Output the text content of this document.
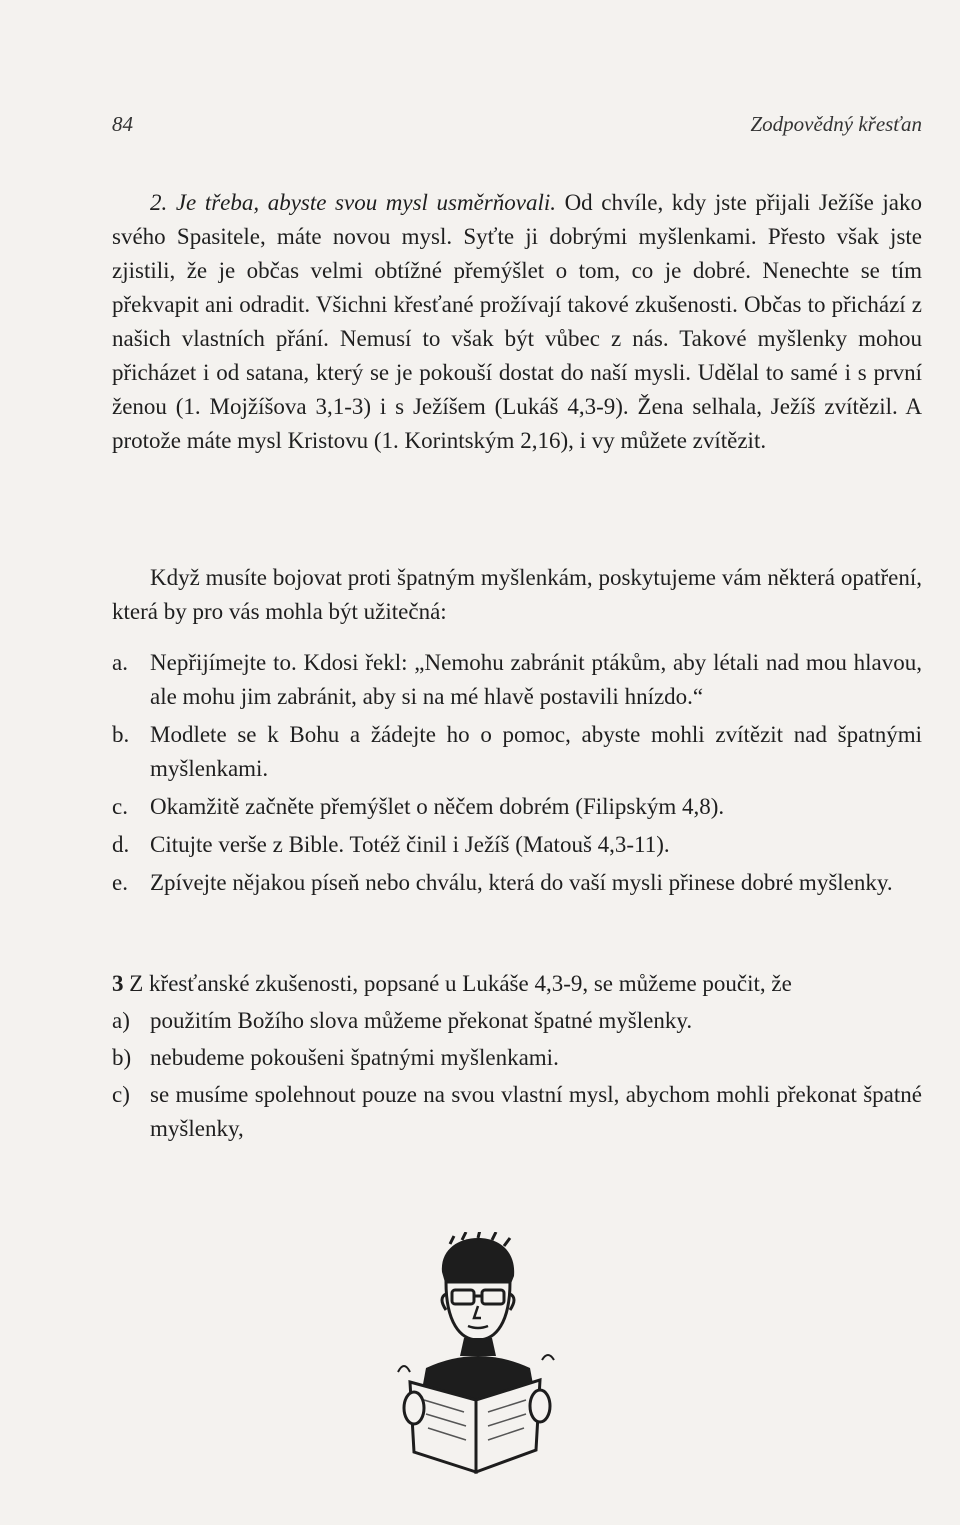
84	Zodpovědný křesťan

2. Je třeba, abyste svou mysl usměrňovali. Od chvíle, kdy jste přijali Ježíše jako svého Spasitele, máte novou mysl. Syťte ji dobrými myšlenkami. Přesto však jste zjistili, že je občas velmi obtížné přemýšlet o tom, co je dobré. Nenechte se tím překvapit ani odradit. Všichni křesťané prožívají takové zkušenosti. Občas to přichází z našich vlastních přání. Nemusí to však být vůbec z nás. Takové myšlenky mohou přicházet i od satana, který se je pokouší dostat do naší mysli. Udělal to samé i s první ženou (1. Mojžíšova 3,1-3) i s Ježíšem (Lukáš 4,3-9). Žena selhala, Ježíš zvítězil. A protože máte mysl Kristovu (1. Korintským 2,16), i vy můžete zvítězit.

Když musíte bojovat proti špatným myšlenkám, poskytujeme vám některá opatření, která by pro vás mohla být užitečná:

a. Nepřijímejte to. Kdosi řekl: „Nemohu zabránit ptákům, aby létali nad mou hlavou, ale mohu jim zabránit, aby si na mé hlavě postavili hnízdo.“
b. Modlete se k Bohu a žádejte ho o pomoc, abyste mohli zvítězit nad špatnými myšlenkami.
c. Okamžitě začněte přemýšlet o něčem dobrém (Filipským 4,8).
d. Citujte verše z Bible. Totéž činil i Ježíš (Matouš 4,3-11).
e. Zpívejte nějakou píseň nebo chválu, která do vaší mysli přinese dobré myšlenky.

3 Z křesťanské zkušenosti, popsané u Lukáše 4,3-9, se můžeme poučit, že

a) použitím Božího slova můžeme překonat špatné myšlenky.
b) nebudeme pokoušeni špatnými myšlenkami.
c) se musíme spolehnout pouze na svou vlastní mysl, abychom mohli překonat špatné myšlenky,
